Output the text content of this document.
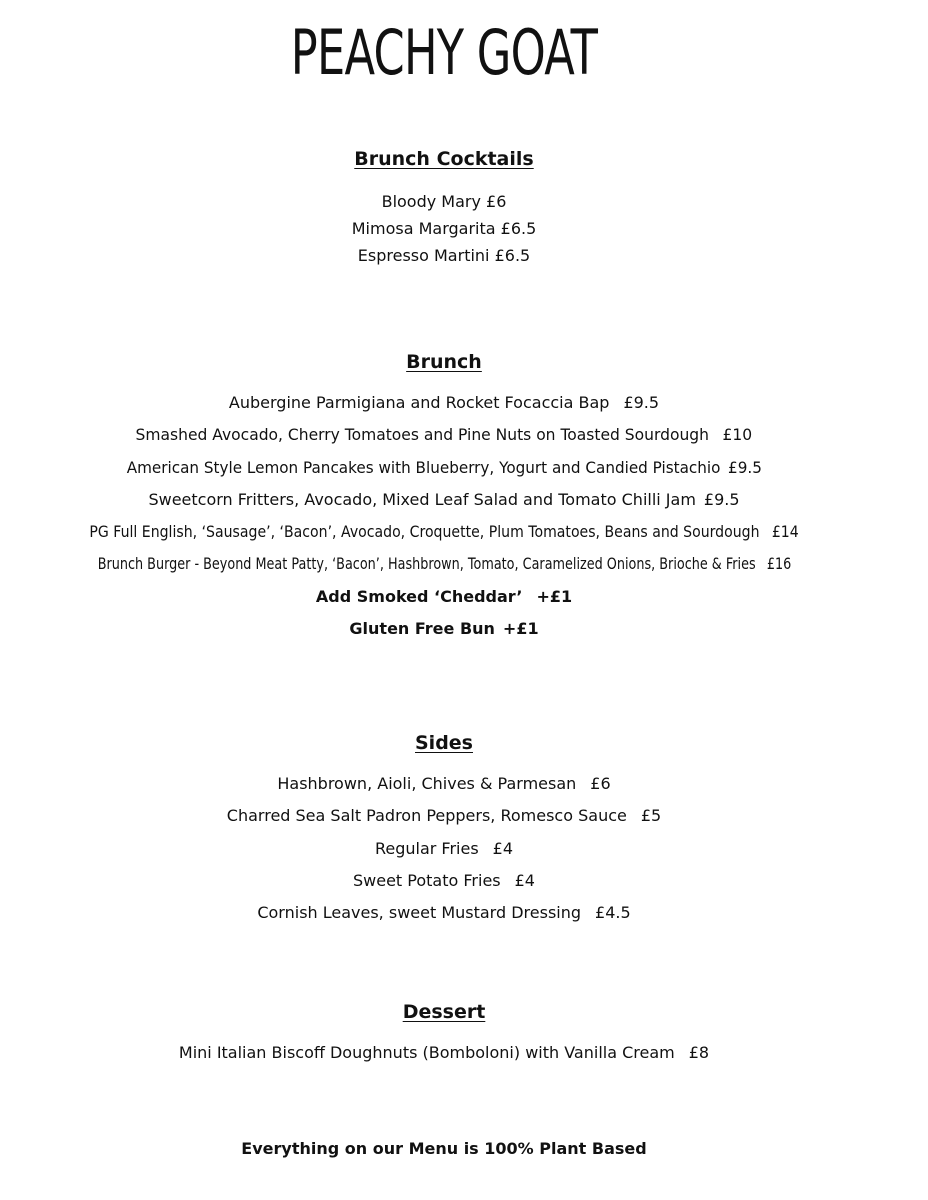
PEACHY GOAT

Brunch Cocktails

Bloody Mary £6

Mimosa Margarita £6.5

Espresso Martini £6.5

Brunch

Aubergine Parmigiana and Rocket Focaccia Bap £9.5

Smashed Avocado, Cherry Tomatoes and Pine Nuts on Toasted Sourdough £10

American Style Lemon Pancakes with Blueberry, Yogurt and Candied Pistachio £9.5

Sweetcorn Fritters, Avocado, Mixed Leaf Salad and Tomato Chilli Jam £9.5

PG Full English, ‘Sausage’, ‘Bacon’, Avocado, Croquette, Plum Tomatoes, Beans and Sourdough £14

Brunch Burger - Beyond Meat Patty, ‘Bacon’, Hashbrown, Tomato, Caramelized Onions, Brioche & Fries £16

Add Smoked ‘Cheddar’ +£1

Gluten Free Bun +£1

Sides

Hashbrown, Aioli, Chives & Parmesan £6

Charred Sea Salt Padron Peppers, Romesco Sauce £5

Regular Fries £4

Sweet Potato Fries £4

Cornish Leaves, sweet Mustard Dressing £4.5

Dessert

Mini Italian Biscoff Doughnuts (Bomboloni) with Vanilla Cream £8

Everything on our Menu is 100% Plant Based
